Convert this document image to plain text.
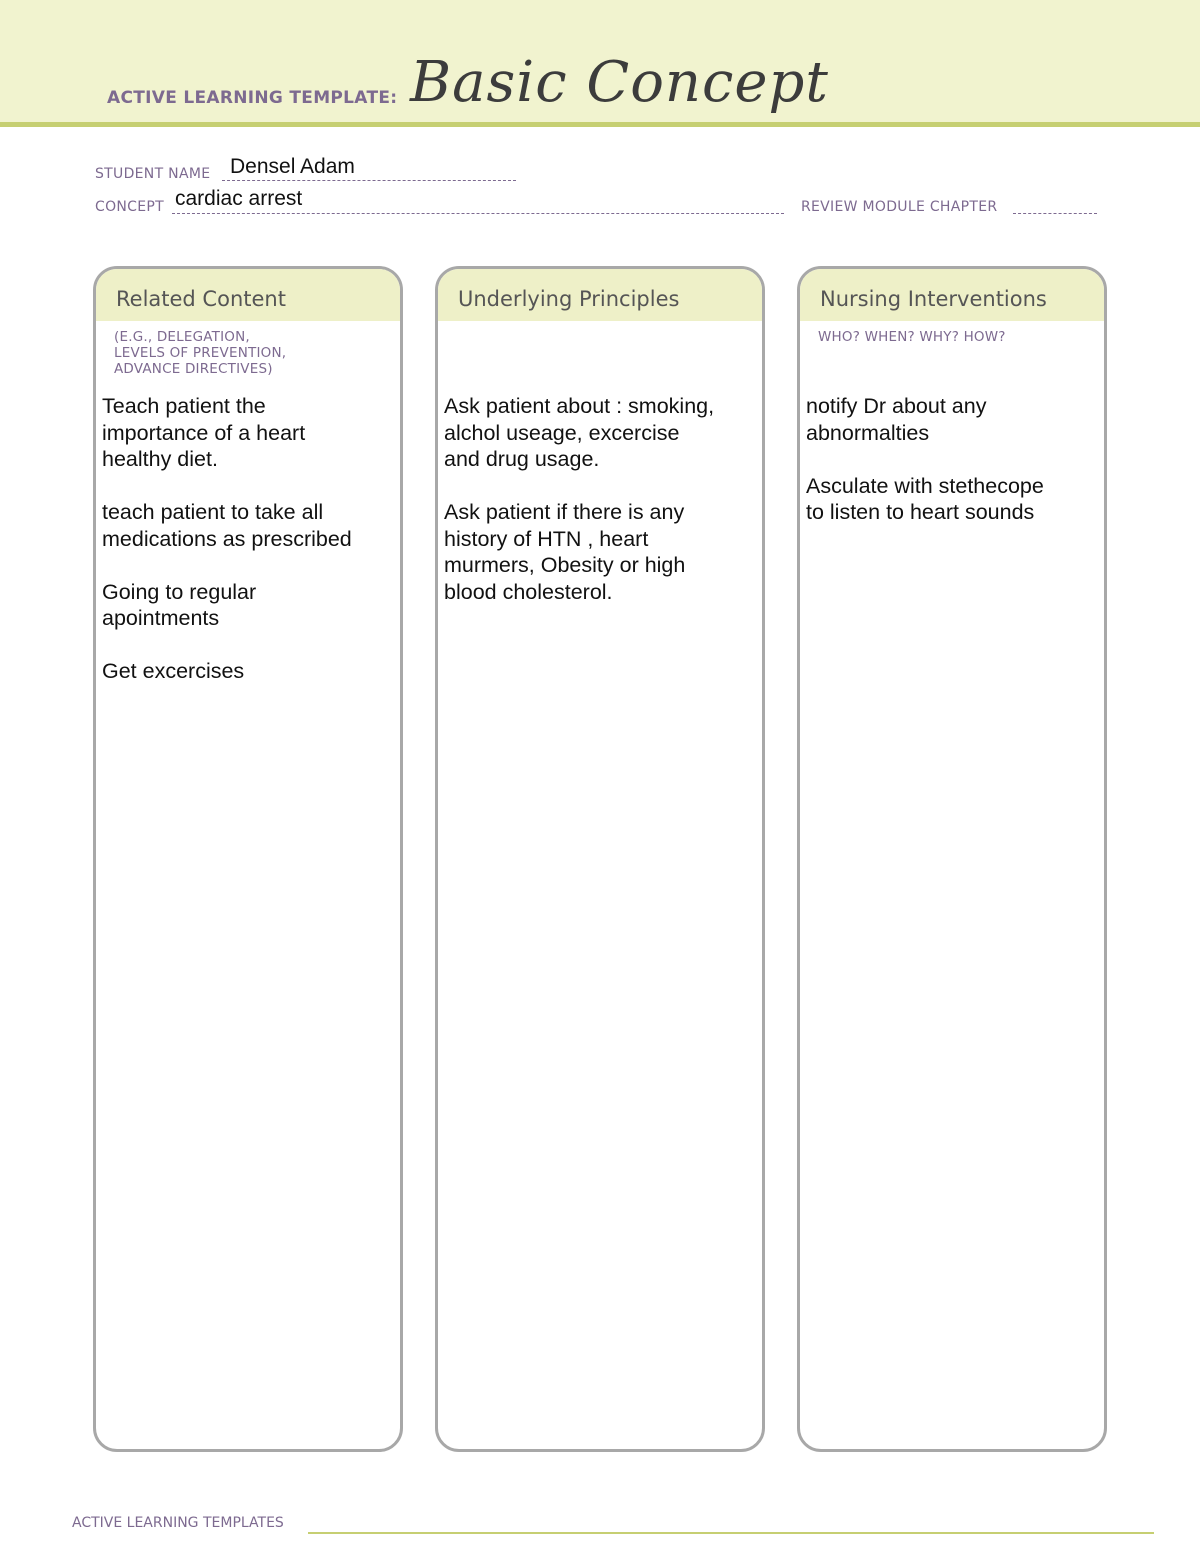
ACTIVE LEARNING TEMPLATE: Basic Concept
STUDENT NAME Densel Adam
CONCEPT cardiac arrest	REVIEW MODULE CHAPTER
Related Content
(E.G., DELEGATION,
LEVELS OF PREVENTION,
ADVANCE DIRECTIVES)

Teach patient the
importance of a heart
healthy diet.

teach patient to take all
medications as prescribed

Going to regular
apointments

Get excercises

Underlying Principles

Ask patient about : smoking,
alchol useage, excercise
and drug usage.

Ask patient if there is any
history of HTN , heart
murmers, Obesity or high
blood cholesterol.

Nursing Interventions
WHO? WHEN? WHY? HOW?

notify Dr about any
abnormalties

Asculate with stethecope
to listen to heart sounds

ACTIVE LEARNING TEMPLATES
